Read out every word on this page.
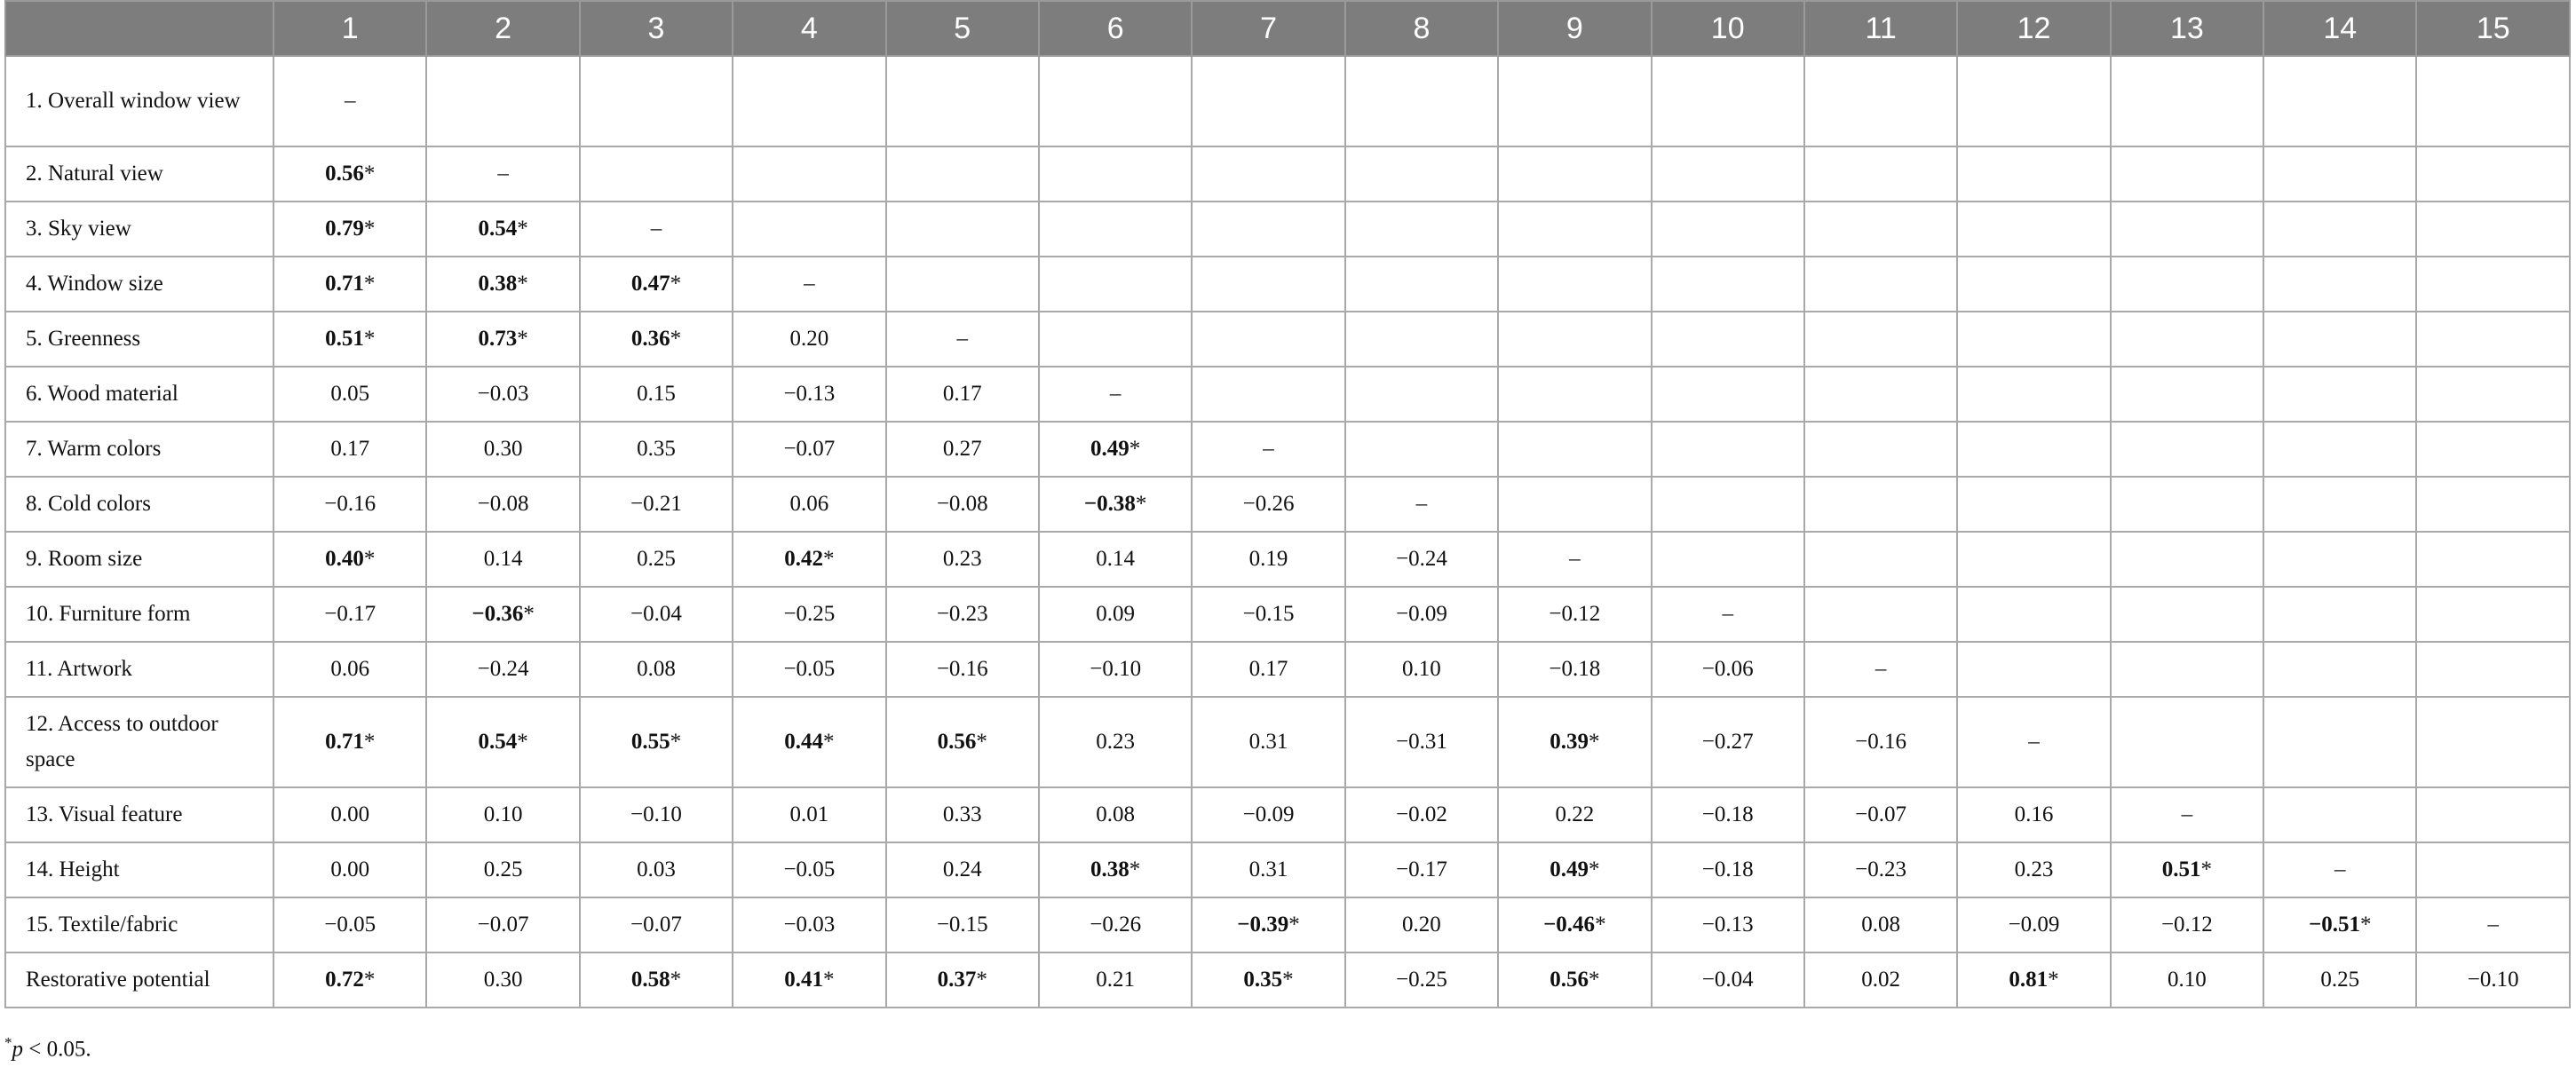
	1	2	3	4	5	6	7	8	9	10	11	12	13	14	15
1. Overall window view	–														
2. Natural view	0.56*	–													
3. Sky view	0.79*	0.54*	–												
4. Window size	0.71*	0.38*	0.47*	–											
5. Greenness	0.51*	0.73*	0.36*	0.20	–										
6. Wood material	0.05	−0.03	0.15	−0.13	0.17	–									
7. Warm colors	0.17	0.30	0.35	−0.07	0.27	0.49*	–								
8. Cold colors	−0.16	−0.08	−0.21	0.06	−0.08	−0.38*	−0.26	–							
9. Room size	0.40*	0.14	0.25	0.42*	0.23	0.14	0.19	−0.24	–						
10. Furniture form	−0.17	−0.36*	−0.04	−0.25	−0.23	0.09	−0.15	−0.09	−0.12	–					
11. Artwork	0.06	−0.24	0.08	−0.05	−0.16	−0.10	0.17	0.10	−0.18	−0.06	–				
12. Access to outdoor space	0.71*	0.54*	0.55*	0.44*	0.56*	0.23	0.31	−0.31	0.39*	−0.27	−0.16	–			
13. Visual feature	0.00	0.10	−0.10	0.01	0.33	0.08	−0.09	−0.02	0.22	−0.18	−0.07	0.16	–		
14. Height	0.00	0.25	0.03	−0.05	0.24	0.38*	0.31	−0.17	0.49*	−0.18	−0.23	0.23	0.51*	–	
15. Textile/fabric	−0.05	−0.07	−0.07	−0.03	−0.15	−0.26	−0.39*	0.20	−0.46*	−0.13	0.08	−0.09	−0.12	−0.51*	–
Restorative potential	0.72*	0.30	0.58*	0.41*	0.37*	0.21	0.35*	−0.25	0.56*	−0.04	0.02	0.81*	0.10	0.25	−0.10
*p < 0.05.
